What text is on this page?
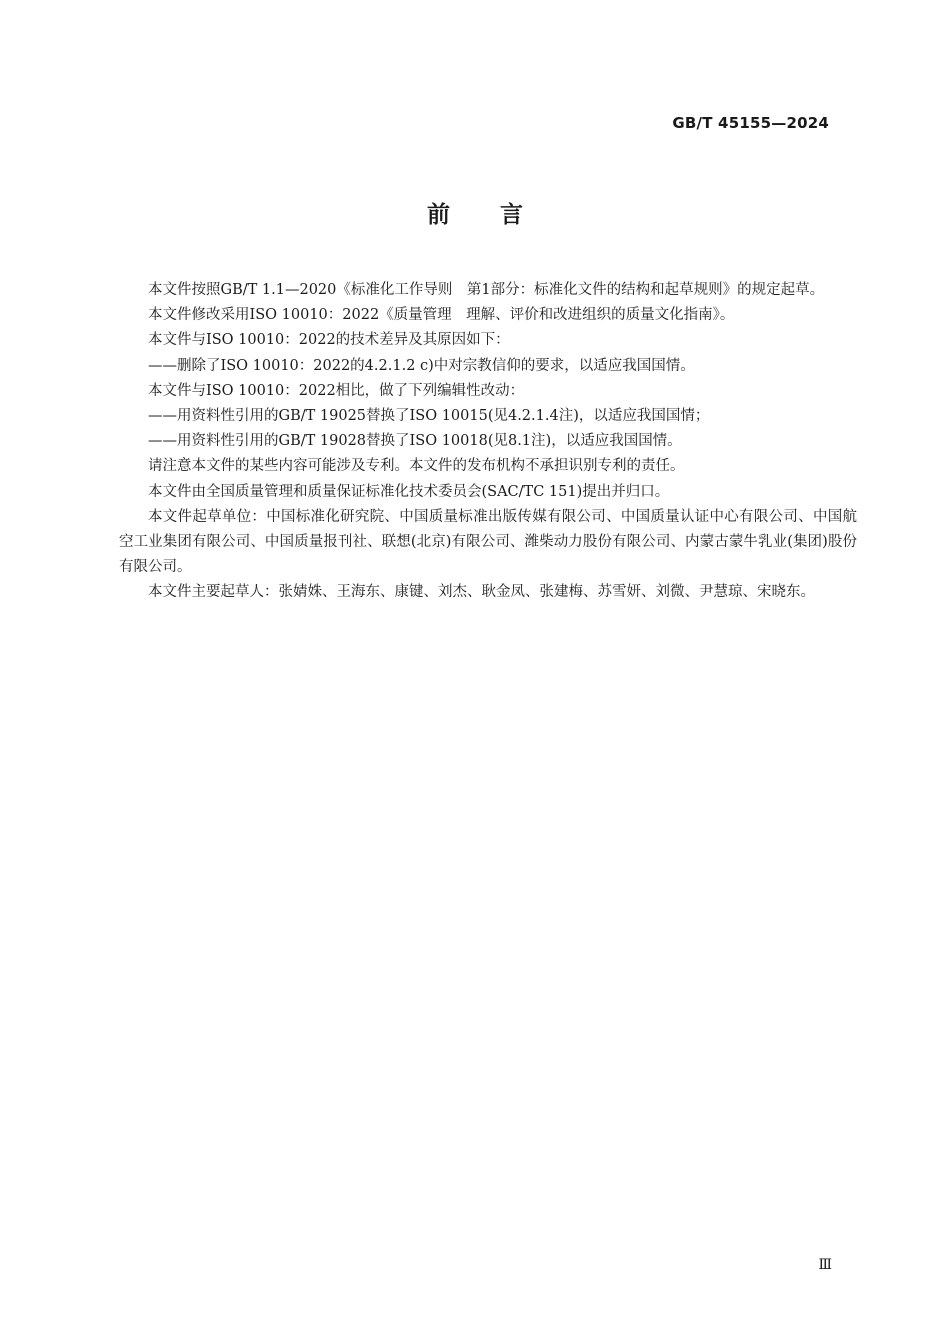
GB/T 45155—2024
前言

本文件按照GB/T 1.1—2020《标准化工作导则　第1部分：标准化文件的结构和起草规则》的规定起草。

本文件修改采用ISO 10010：2022《质量管理　理解、评价和改进组织的质量文化指南》。

本文件与ISO 10010：2022的技术差异及其原因如下：

——删除了ISO 10010：2022的4.2.1.2 c)中对宗教信仰的要求，以适应我国国情。

本文件与ISO 10010：2022相比，做了下列编辑性改动：

——用资料性引用的GB/T 19025替换了ISO 10015(见4.2.1.4注)，以适应我国国情；

——用资料性引用的GB/T 19028替换了ISO 10018(见8.1注)，以适应我国国情。

请注意本文件的某些内容可能涉及专利。本文件的发布机构不承担识别专利的责任。

本文件由全国质量管理和质量保证标准化技术委员会(SAC/TC 151)提出并归口。

本文件起草单位：中国标准化研究院、中国质量标准出版传媒有限公司、中国质量认证中心有限公司、中国航空工业集团有限公司、中国质量报刊社、联想(北京)有限公司、潍柴动力股份有限公司、内蒙古蒙牛乳业(集团)股份有限公司。

本文件主要起草人：张婧姝、王海东、康键、刘杰、耿金凤、张建梅、苏雪妍、刘微、尹慧琼、宋晓东。

Ⅲ
